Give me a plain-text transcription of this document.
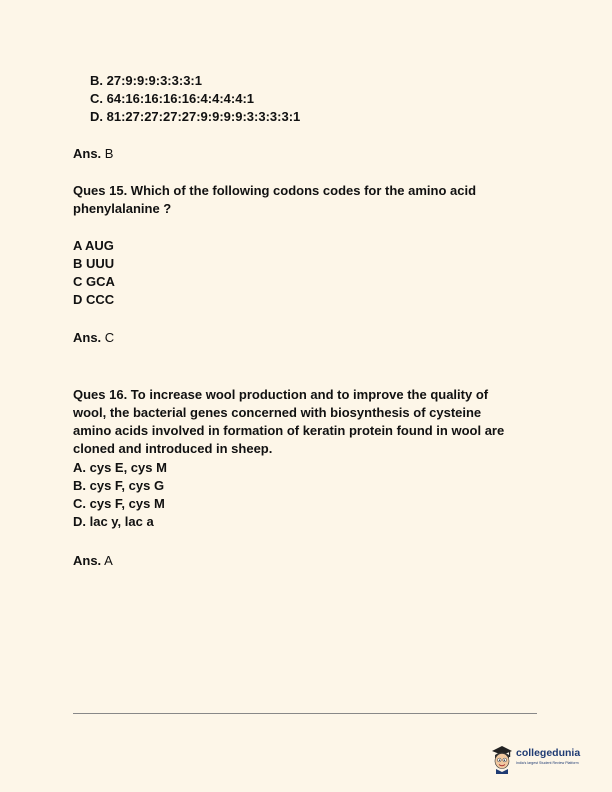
B. 27:9:9:9:3:3:3:1
C. 64:16:16:16:16:4:4:4:4:1
D. 81:27:27:27:27:9:9:9:9:3:3:3:3:1
Ans. B
Ques 15. Which of the following codons codes for the amino acid
phenylalanine ?
A AUG
B UUU
C GCA
D CCC
Ans. C
Ques 16. To increase wool production and to improve the quality of
wool, the bacterial genes concerned with biosynthesis of cysteine
amino acids involved in formation of keratin protein found in wool are
cloned and introduced in sheep.
A. cys E, cys M
B. cys F, cys G
C. cys F, cys M
D. lac y, lac a
Ans. A
collegedunia
India's largest Student Review Platform
